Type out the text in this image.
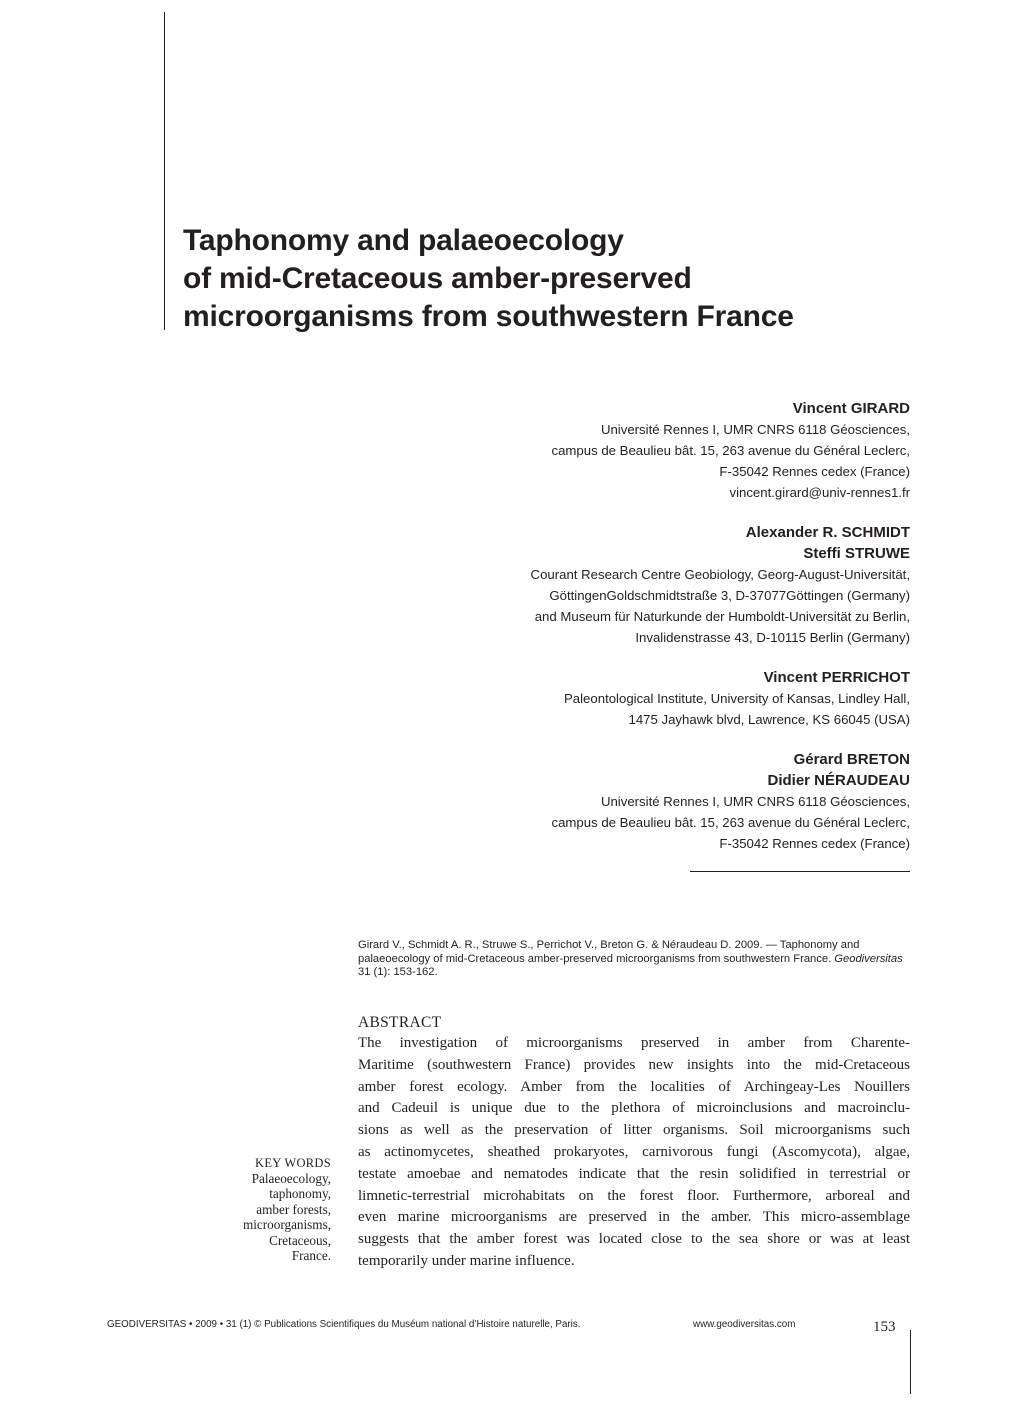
Taphonomy and palaeoecology
of mid-Cretaceous amber-preserved
microorganisms from southwestern France
Vincent GIRARD
Université Rennes I, UMR CNRS 6118 Géosciences,
campus de Beaulieu bât. 15, 263 avenue du Général Leclerc,
F-35042 Rennes cedex (France)
vincent.girard@univ-rennes1.fr
Alexander R. SCHMIDT
Steffi STRUWE
Courant Research Centre Geobiology, Georg-August-Universität,
GöttingenGoldschmidtstraße 3, D-37077Göttingen (Germany)
and Museum für Naturkunde der Humboldt-Universität zu Berlin,
Invalidenstrasse 43, D-10115 Berlin (Germany)
Vincent PERRICHOT
Paleontological Institute, University of Kansas, Lindley Hall,
1475 Jayhawk blvd, Lawrence, KS 66045 (USA)
Gérard BRETON
Didier NÉRAUDEAU
Université Rennes I, UMR CNRS 6118 Géosciences,
campus de Beaulieu bât. 15, 263 avenue du Général Leclerc,
F-35042 Rennes cedex (France)
Girard V., Schmidt A. R., Struwe S., Perrichot V., Breton G. & Néraudeau D. 2009. — Taphonomy and palaeoecology of mid-Cretaceous amber-preserved microorganisms from southwestern France. Geodiversitas 31 (1): 153-162.
ABSTRACT
The investigation of microorganisms preserved in amber from Charente-
Maritime (southwestern France) provides new insights into the mid-Cretaceous
amber forest ecology. Amber from the localities of Archingeay-Les Nouillers
and Cadeuil is unique due to the plethora of microinclusions and macroinclu-
sions as well as the preservation of litter organisms. Soil microorganisms such
as actinomycetes, sheathed prokaryotes, carnivorous fungi (Ascomycota), algae,
testate amoebae and nematodes indicate that the resin solidified in terrestrial or
limnetic-terrestrial microhabitats on the forest floor. Furthermore, arboreal and
even marine microorganisms are preserved in the amber. This micro-assemblage
suggests that the amber forest was located close to the sea shore or was at least
temporarily under marine influence.
KEY WORDS
Palaeoecology,
taphonomy,
amber forests,
microorganisms,
Cretaceous,
France.
GEODIVERSITAS • 2009 • 31 (1) © Publications Scientifiques du Muséum national d’Histoire naturelle, Paris.	www.geodiversitas.com	153
